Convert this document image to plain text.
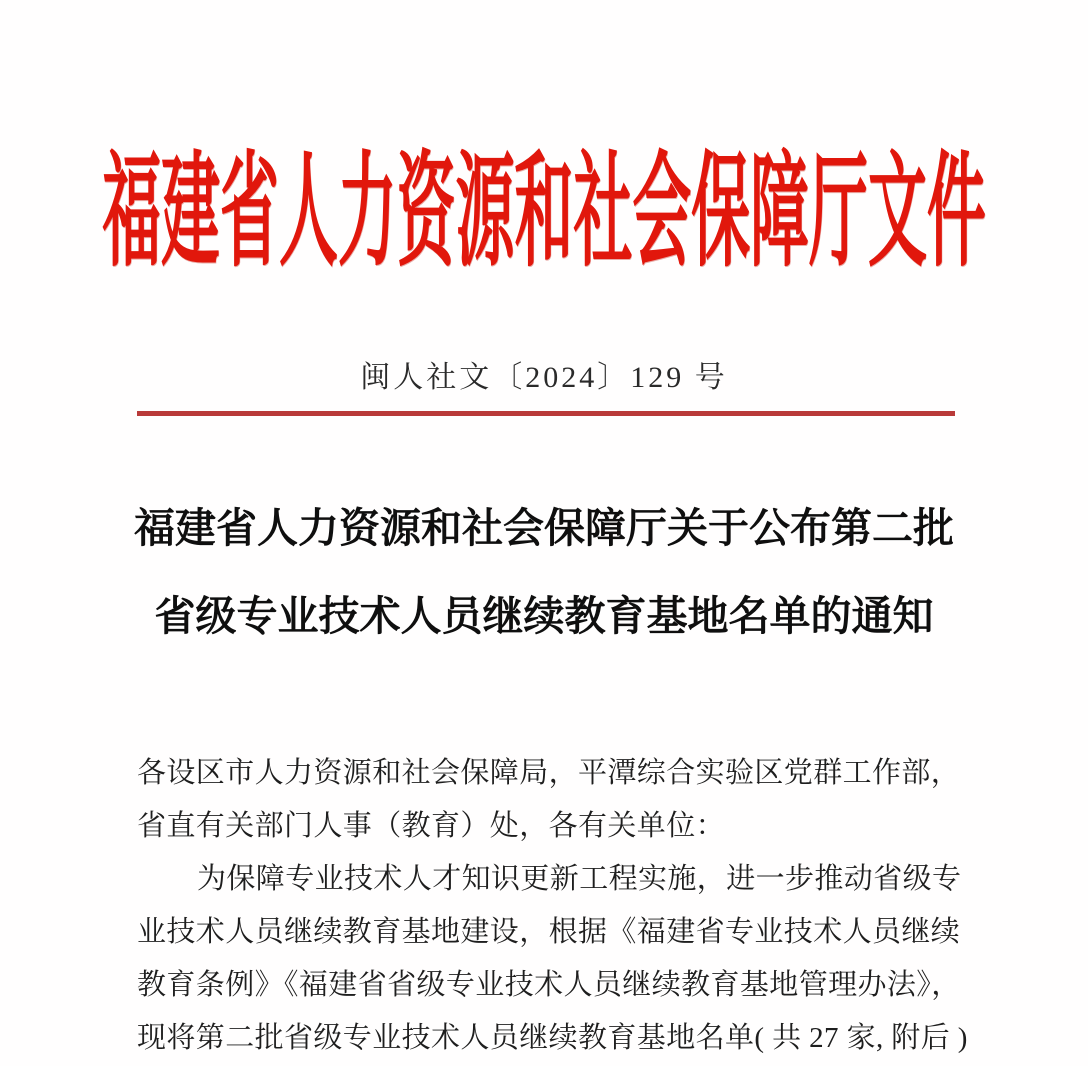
福建省人力资源和社会保障厅文件
闽人社文〔2024〕129 号
福建省人力资源和社会保障厅关于公布第二批
省级专业技术人员继续教育基地名单的通知
各设区市人力资源和社会保障局，平潭综合实验区党群工作部，
省直有关部门人事（教育）处，各有关单位：
为保障专业技术人才知识更新工程实施，进一步推动省级专
业技术人员继续教育基地建设，根据《福建省专业技术人员继续
教育条例》《福建省省级专业技术人员继续教育基地管理办法》，
现将第二批省级专业技术人员继续教育基地名单( 共 27 家, 附后 )
